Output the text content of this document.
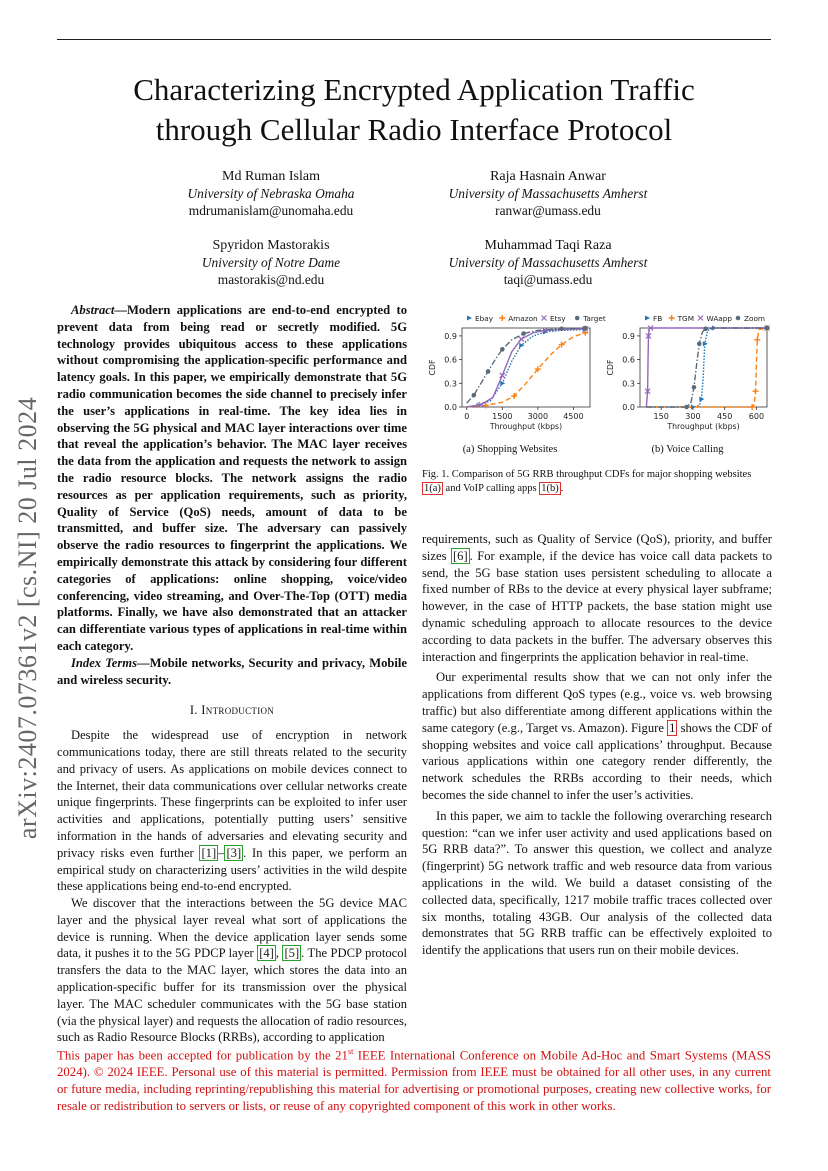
arXiv:2407.07361v2 [cs.NI] 20 Jul 2024
Characterizing Encrypted Application Traffic
through Cellular Radio Interface Protocol
Md Ruman Islam
University of Nebraska Omaha
mdrumanislam@unomaha.edu
Raja Hasnain Anwar
University of Massachusetts Amherst
ranwar@umass.edu
Spyridon Mastorakis
University of Notre Dame
mastorakis@nd.edu
Muhammad Taqi Raza
University of Massachusetts Amherst
taqi@umass.edu

Abstract—Modern applications are end-to-end encrypted to prevent data from being read or secretly modified. 5G technology provides ubiquitous access to these applications without compromising the application-specific performance and latency goals. In this paper, we empirically demonstrate that 5G radio communication becomes the side channel to precisely infer the user’s applications in real-time. The key idea lies in observing the 5G physical and MAC layer interactions over time that reveal the application’s behavior. The MAC layer receives the data from the application and requests the network to assign the radio resource blocks. The network assigns the radio resources as per application requirements, such as priority, Quality of Service (QoS) needs, amount of data to be transmitted, and buffer size. The adversary can passively observe the radio resources to fingerprint the applications. We empirically demonstrate this attack by considering four different categories of applications: online shopping, voice/video conferencing, video streaming, and Over-The-Top (OTT) media platforms. Finally, we have also demonstrated that an attacker can differentiate various types of applications in real-time within each category.

Index Terms—Mobile networks, Security and privacy, Mobile and wireless security.

I. Introduction

Despite the widespread use of encryption in network communications today, there are still threats related to the security and privacy of users. As applications on mobile devices connect to the Internet, their data communications over cellular networks create unique fingerprints. These fingerprints can be exploited to infer user activities and applications, potentially putting users’ sensitive information in the hands of adversaries and elevating security and privacy risks even further [1] – [3] . In this paper, we perform an empirical study on characterizing users’ activities in the wild despite these applications being end-to-end encrypted.

We discover that the interactions between the 5G device MAC layer and the physical layer reveal what sort of applications the device is running. When the device application layer sends some data, it pushes it to the 5G PDCP layer [4] , [5] . The PDCP protocol transfers the data to the MAC layer, which stores the data into an application-specific buffer for its transmission over the physical layer. The MAC scheduler communicates with the 5G base station (via the physical layer) and requests the allocation of radio resources, such as Radio Resource Blocks (RRBs), according to application

Ebay Amazon Etsy Target
0.0
0.3
0.6
0.9
0	1500 3000 4500
Throughput (kbps)
CDF
FB TGM WAapp Zoom
0.0
0.3
0.6
0.9
150 300 450 600
Throughput (kbps)
CDF
(a) Shopping Websites	(b) Voice Calling
Fig. 1. Comparison of 5G RRB throughput CDFs for major shopping websites 1(a) and VoIP calling apps 1(b) .

requirements, such as Quality of Service (QoS), priority, and buffer sizes [6] . For example, if the device has voice call data packets to send, the 5G base station uses persistent scheduling to allocate a fixed number of RBs to the device at every physical layer subframe; however, in the case of HTTP packets, the base station might use dynamic scheduling approach to allocate resources to the device according to data packets in the buffer. The adversary observes this interaction and fingerprints the application behavior in real-time.

Our experimental results show that we can not only infer the applications from different QoS types (e.g., voice vs. web browsing traffic) but also differentiate among different applications within the same category (e.g., Target vs. Amazon). Figure 1 shows the CDF of shopping websites and voice call applications’ throughput. Because various applications within one category render differently, the network schedules the RRBs according to their needs, which becomes the side channel to infer the user’s activities.

In this paper, we aim to tackle the following overarching research question: “can we infer user activity and used applications based on 5G RRB data?”. To answer this question, we collect and analyze (fingerprint) 5G network traffic and web resource data from various applications in the wild. We build a dataset consisting of the collected data, specifically, 1217 mobile traffic traces collected over six months, totaling 43GB. Our analysis of the collected data demonstrates that 5G RRB traffic can be effectively exploited to identify the applications that users run on their mobile devices.

This paper has been accepted for publication by the 21st IEEE International Conference on Mobile Ad-Hoc and Smart Systems (MASS 2024). © 2024 IEEE. Personal use of this material is permitted. Permission from IEEE must be obtained for all other uses, in any current or future media, including reprinting/republishing this material for advertising or promotional purposes, creating new collective works, for resale or redistribution to servers or lists, or reuse of any copyrighted component of this work in other works.
